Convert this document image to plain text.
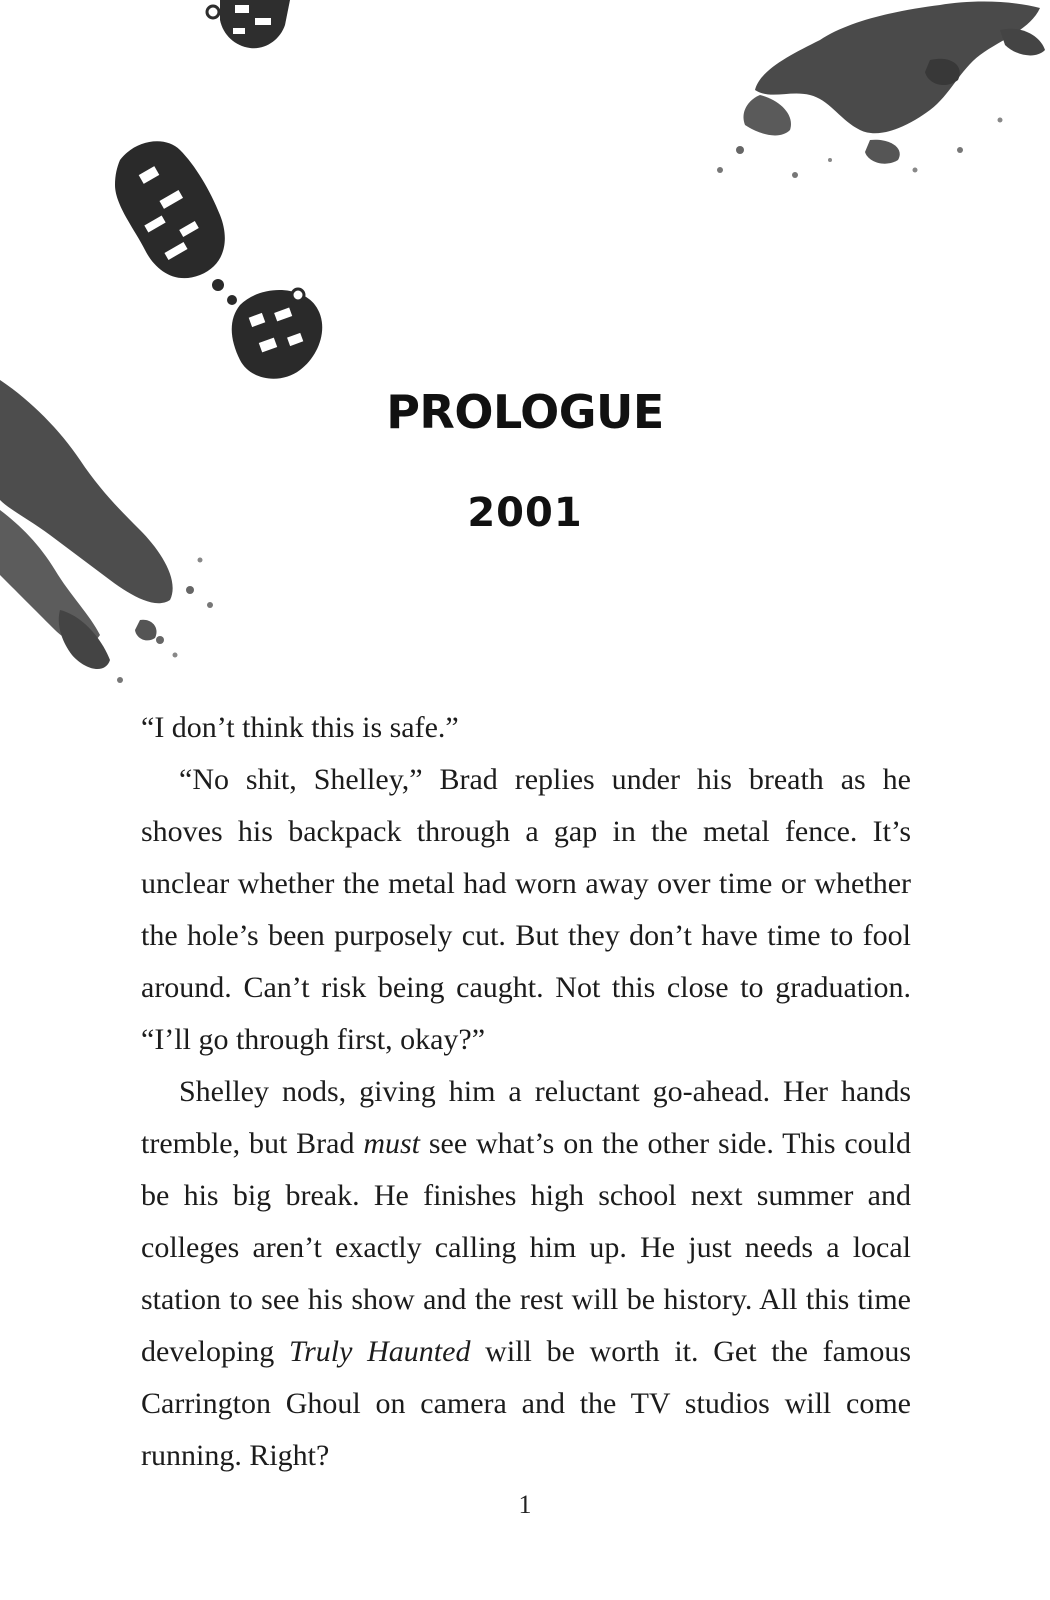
PROLOGUE
2001

“I don’t think this is safe.”

“No shit, Shelley,” Brad replies under his breath as he shoves his backpack through a gap in the metal fence. It’s unclear whether the metal had worn away over time or whether the hole’s been purposely cut. But they don’t have time to fool around. Can’t risk being caught. Not this close to graduation. “I’ll go through first, okay?”

Shelley nods, giving him a reluctant go-ahead. Her hands tremble, but Brad must see what’s on the other side. This could be his big break. He finishes high school next summer and colleges aren’t exactly calling him up. He just needs a local station to see his show and the rest will be history. All this time developing Truly Haunted will be worth it. Get the famous Carrington Ghoul on camera and the TV studios will come running. Right?

1
